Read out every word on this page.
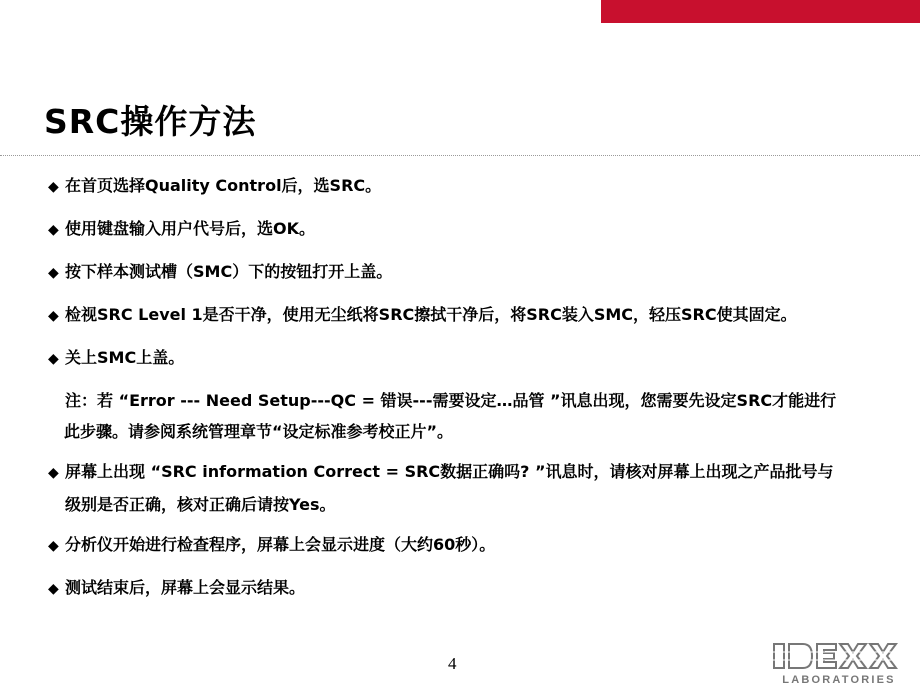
SRC操作方法
◆ 在首页选择Quality Control后，选SRC。
◆ 使用键盘输入用户代号后，选OK。
◆ 按下样本测试槽（SMC）下的按钮打开上盖。
◆ 检视SRC Level 1是否干净，使用无尘纸将SRC擦拭干净后，将SRC装入SMC，轻压SRC使其固定。
◆ 关上SMC上盖。
注：若 “Error --- Need Setup---QC = 错误---需要设定…品管 ”讯息出现，您需要先设定SRC才能进行
此步骤。请参阅系统管理章节“设定标准参考校正片”。
◆ 屏幕上出现 “SRC information Correct = SRC数据正确吗? ”讯息时，请核对屏幕上出现之产品批号与
级别是否正确，核对正确后请按Yes。
◆ 分析仪开始进行检查程序，屏幕上会显示进度（大约60秒）。
◆ 测试结束后，屏幕上会显示结果。
4
LABORATORIES
